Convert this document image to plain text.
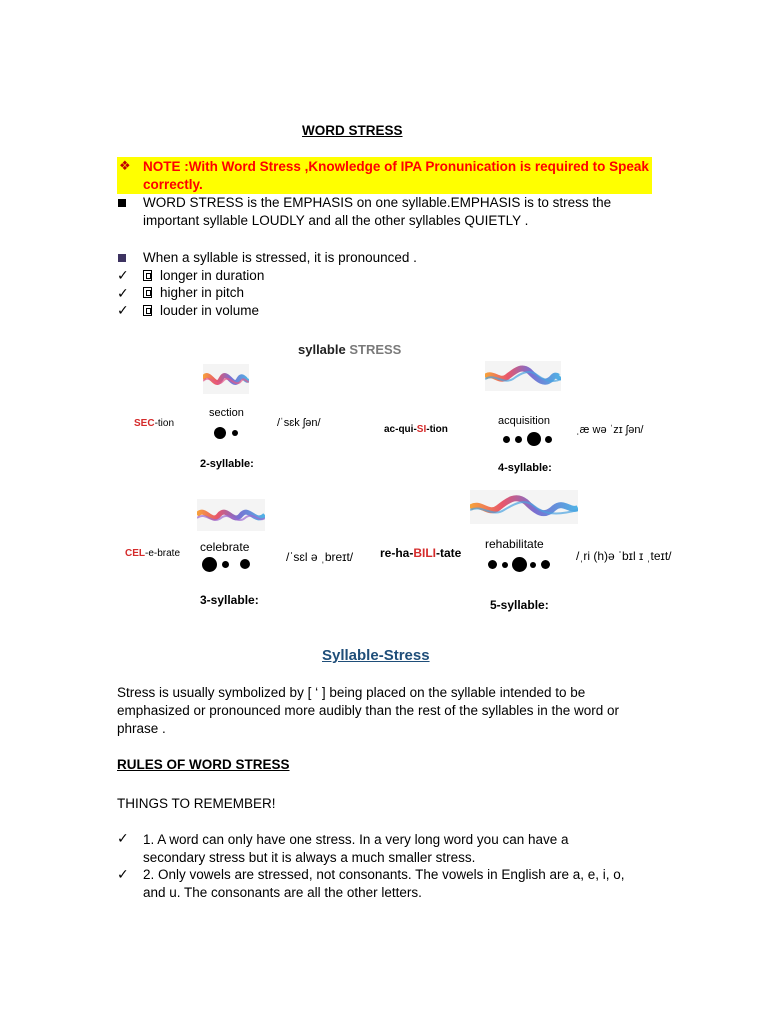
WORD STRESS
❖ NOTE :With Word Stress ,Knowledge of IPA Pronunication is required to Speak correctly.
WORD STRESS is the EMPHASIS on one syllable.EMPHASIS is to stress the important syllable LOUDLY and all the other syllables QUIETLY .
When a syllable is stressed, it is pronounced .
✓	longer in duration
✓	higher in pitch
✓	louder in volume
syllable STRESS
SEC-tion
section
/ˈsɛk ʃən/
2-syllable:
ac-qui-SI-tion
acquisition
ˌæ wə ˈzɪ ʃən/
4-syllable:
CEL-e-brate celebrate
/ˈsɛl ə ˌbreɪt/
3-syllable:
re-ha-BILI-tate
rehabilitate
/ˌri (h)ə ˈbɪl ɪ ˌteɪt/
5-syllable:
Syllable-Stress
Stress is usually symbolized by [ ‘ ] being placed on the syllable intended to be emphasized or pronounced more audibly than the rest of the syllables in the word or phrase .
RULES OF WORD STRESS
THINGS TO REMEMBER!
✓ 1. A word can only have one stress. In a very long word you can have a secondary stress but it is always a much smaller stress.
✓ 2. Only vowels are stressed, not consonants. The vowels in English are a, e, i, o, and u. The consonants are all the other letters.
